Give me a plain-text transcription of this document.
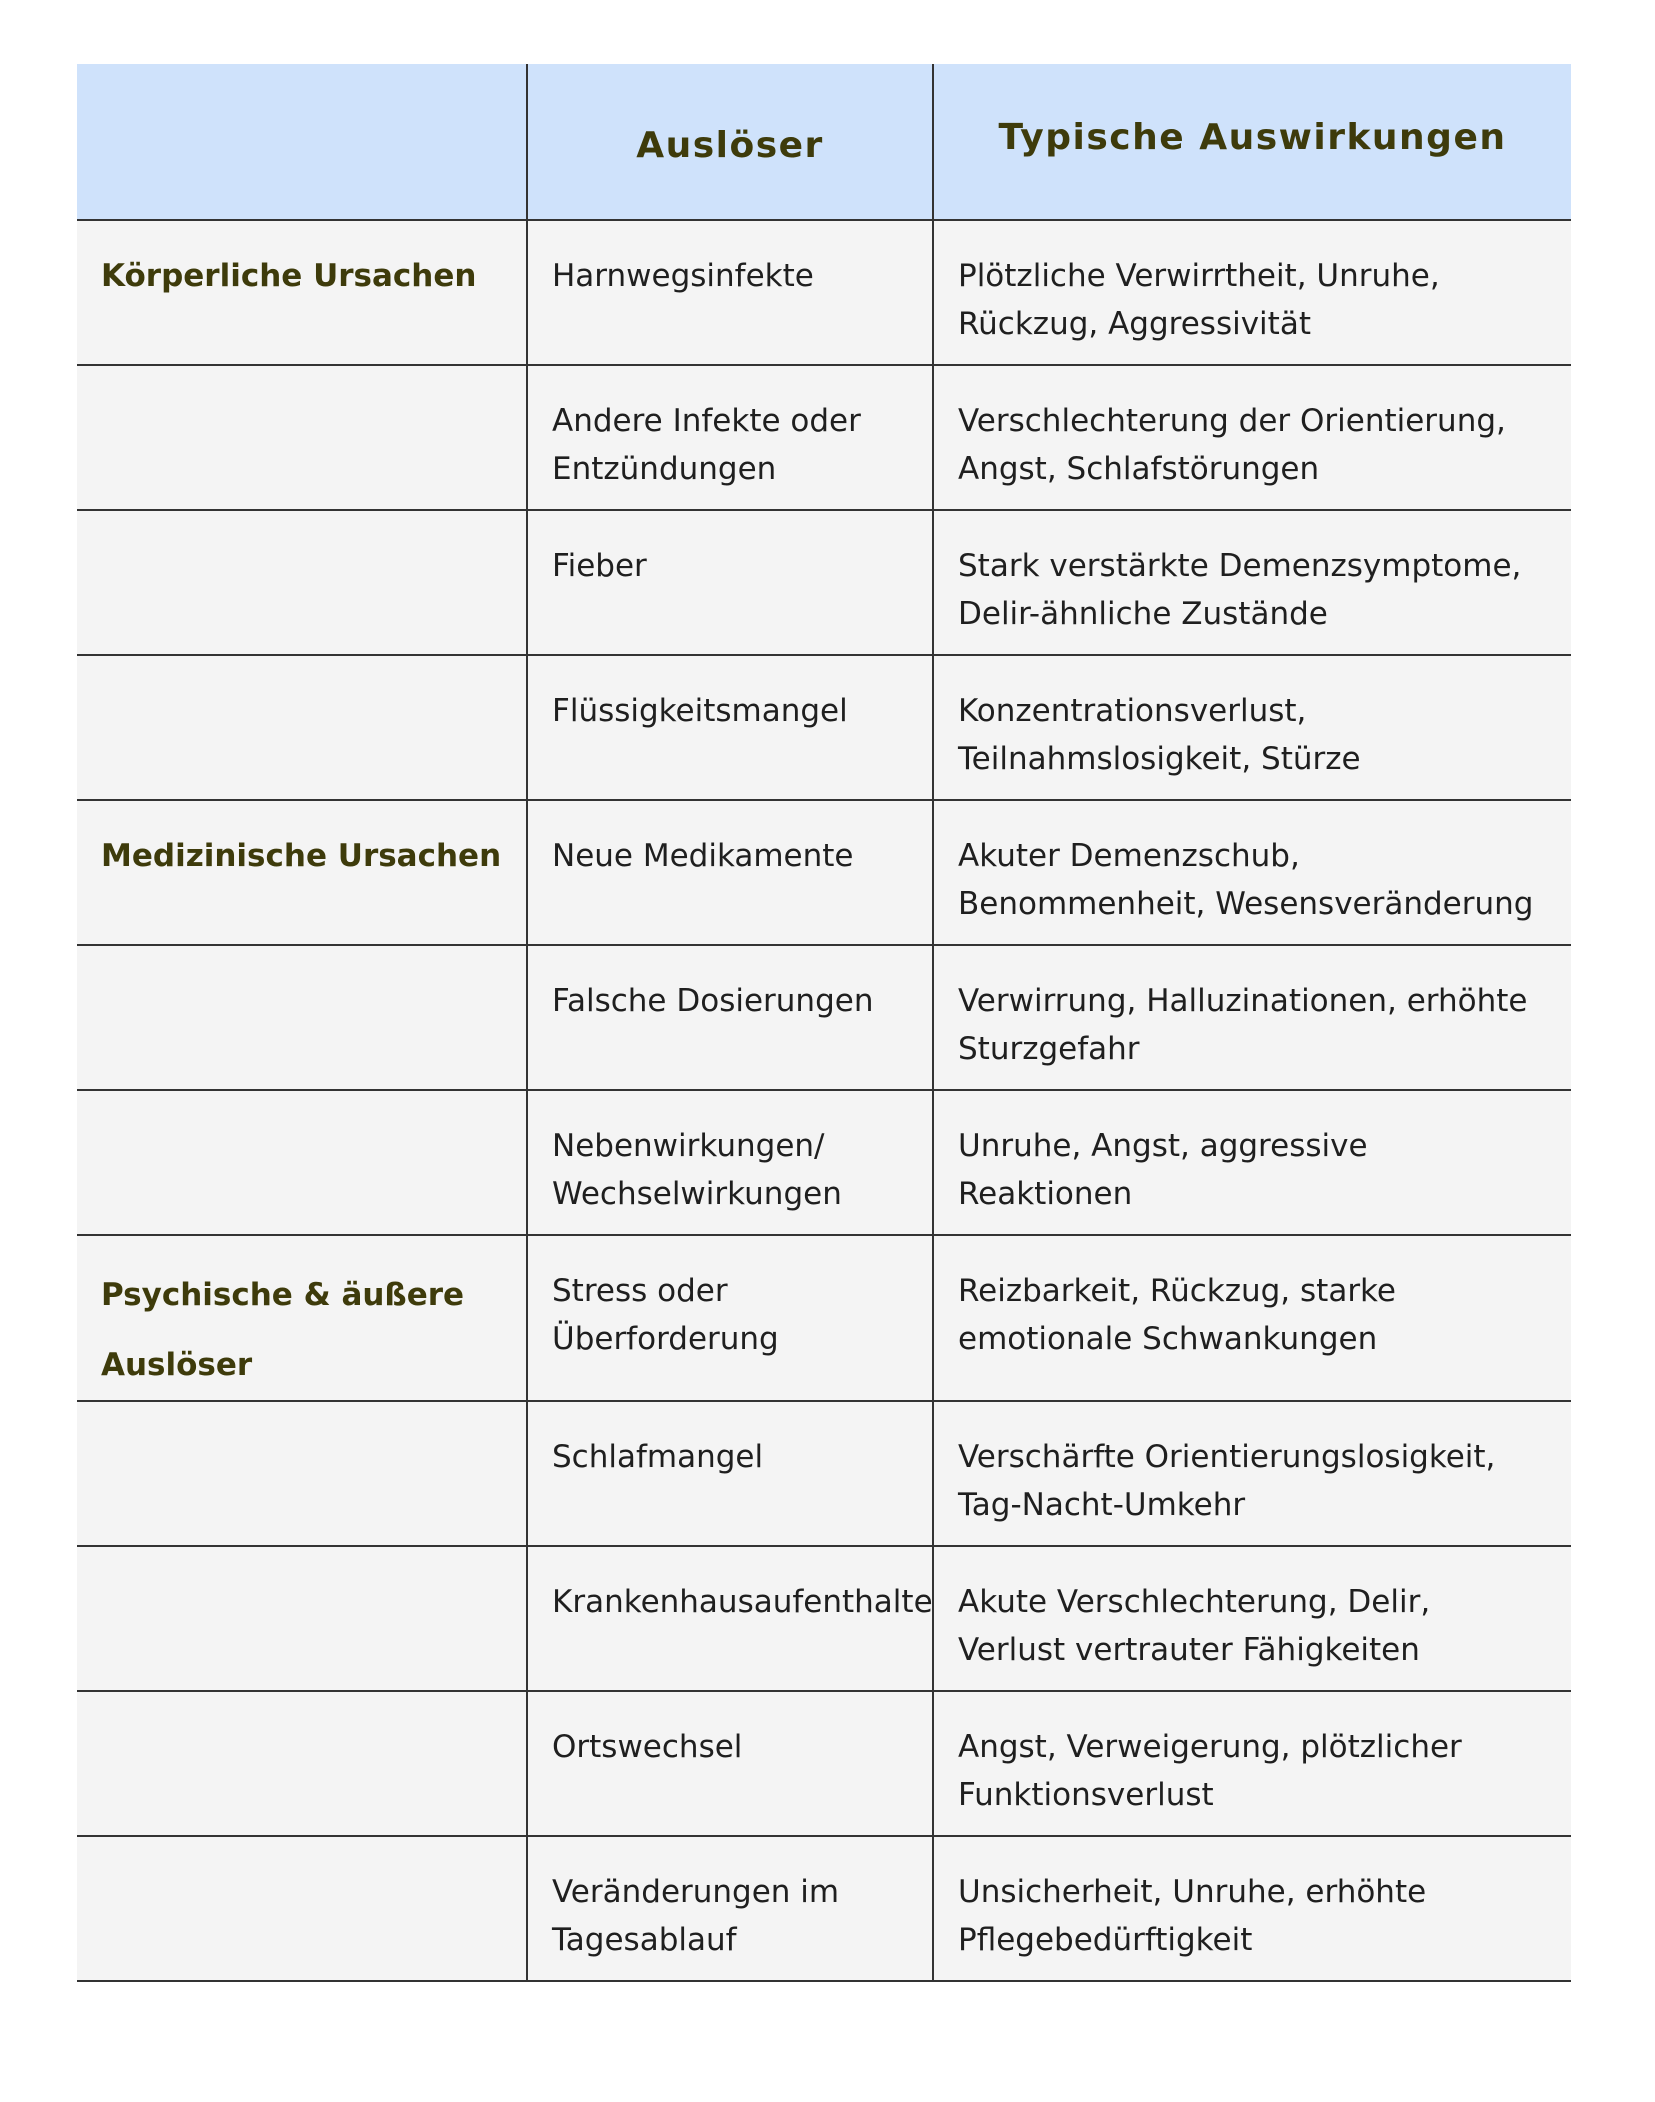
	Auslöser	Typische Auswirkungen
Körperliche Ursachen	Harnwegsinfekte	Plötzliche Verwirrtheit, Unruhe, Rückzug, Aggressivität
	Andere Infekte oder Entzündungen	Verschlechterung der Orientierung, Angst, Schlafstörungen
	Fieber	Stark verstärkte Demenzsymptome, Delir-ähnliche Zustände
	Flüssigkeitsmangel	Konzentrationsverlust, Teilnahmslosigkeit, Stürze
Medizinische Ursachen	Neue Medikamente	Akuter Demenzschub, Benommenheit, Wesensveränderung
	Falsche Dosierungen	Verwirrung, Halluzinationen, erhöhte Sturzgefahr
	Nebenwirkungen/ Wechselwirkungen	Unruhe, Angst, aggressive Reaktionen
Psychische & äußere Auslöser	Stress oder Überforderung	Reizbarkeit, Rückzug, starke emotionale Schwankungen
	Schlafmangel	Verschärfte Orientierungslosigkeit, Tag-Nacht-Umkehr
	Krankenhausaufenthalte	Akute Verschlechterung, Delir, Verlust vertrauter Fähigkeiten
	Ortswechsel	Angst, Verweigerung, plötzlicher Funktionsverlust
	Veränderungen im Tagesablauf	Unsicherheit, Unruhe, erhöhte Pflegebedürftigkeit
